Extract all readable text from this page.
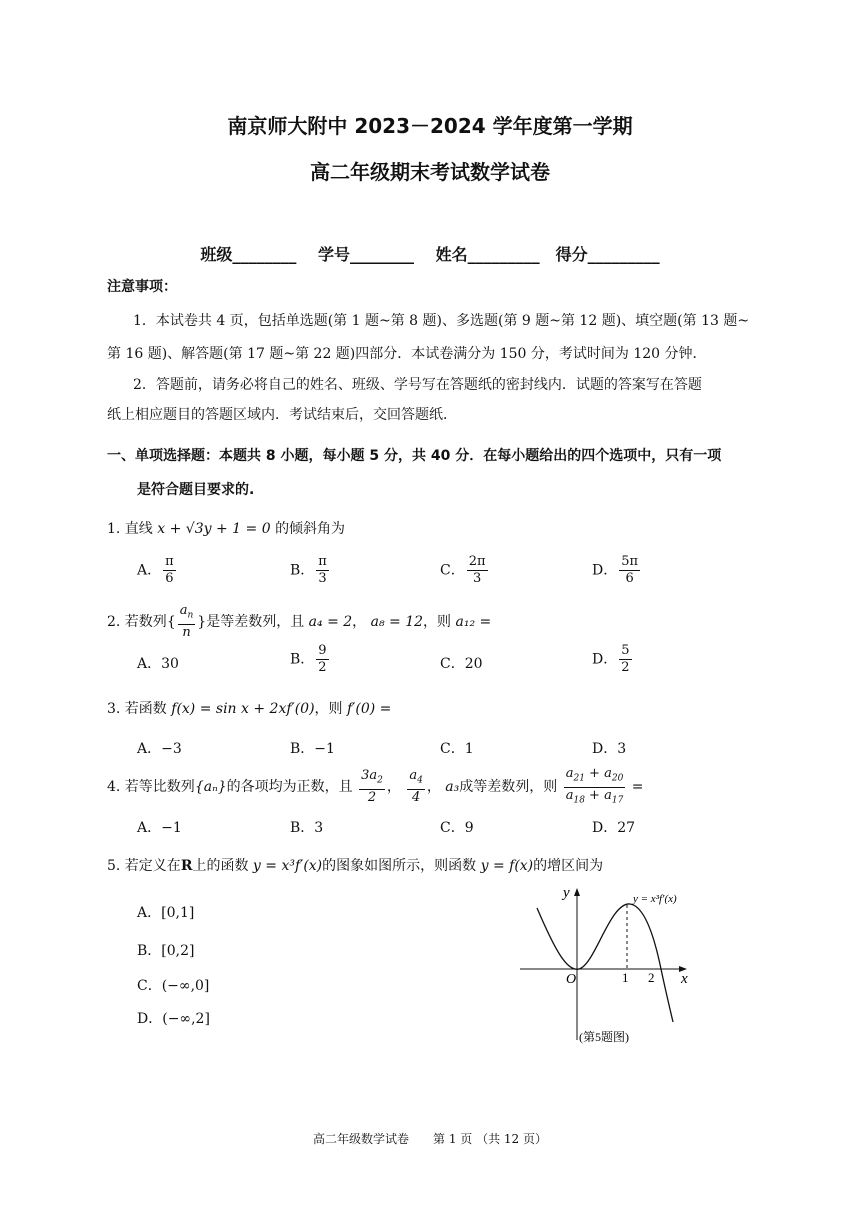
南京师大附中 2023－2024 学年度第一学期
高二年级期末考试数学试卷
班级________　 学号________　 姓名_________　得分_________
注意事项：
1．本试卷共 4 页，包括单选题(第 1 题~第 8 题)、多选题(第 9 题~第 12 题)、填空题(第 13 题~
第 16 题)、解答题(第 17 题~第 22 题)四部分．本试卷满分为 150 分，考试时间为 120 分钟．
2．答题前，请务必将自己的姓名、班级、学号写在答题纸的密封线内．试题的答案写在答题
纸上相应题目的答题区域内．考试结束后，交回答题纸．
一、单项选择题：本题共 8 小题，每小题 5 分，共 40 分．在每小题给出的四个选项中，只有一项
是符合题目要求的.
1. 直线 x + √3y + 1 = 0 的倾斜角为
A． $\frac{\pi}{6}$	B． $\frac{\pi}{3}$	C． $\frac{2\pi}{3}$	D． $\frac{5\pi}{6}$
2. 若数列{ $\frac{a_n}{n}$ }是等差数列，且 a₄ = 2， a₈ = 12，则 a₁₂ =
A．30	B． $\frac{9}{2}$	C．20	D． $\frac{5}{2}$
3. 若函数 f(x) = sin x + 2xf′(0)，则 f′(0) =
A．−3	B．−1	C．1	D．3
4. 若等比数列{aₙ}的各项均为正数，且 $\frac{3a_2}{2}$ ， $\frac{a_4}{4}$ ， a₃成等差数列，则 $\frac{a_{21} + a_{20}}{a_{18} + a_{17}}$ =
A．−1	B．3	C．9	D．27
5. 若定义在R上的函数 y = x³f′(x)的图象如图所示，则函数 y = f(x)的增区间为
A．[0,1]
B．[0,2]
C．(−∞,0]
D．(−∞,2]
y
x
O	1 2
y = x³f′(x)
(第5题图)
高二年级数学试卷　　第 1 页 （共 12 页）
